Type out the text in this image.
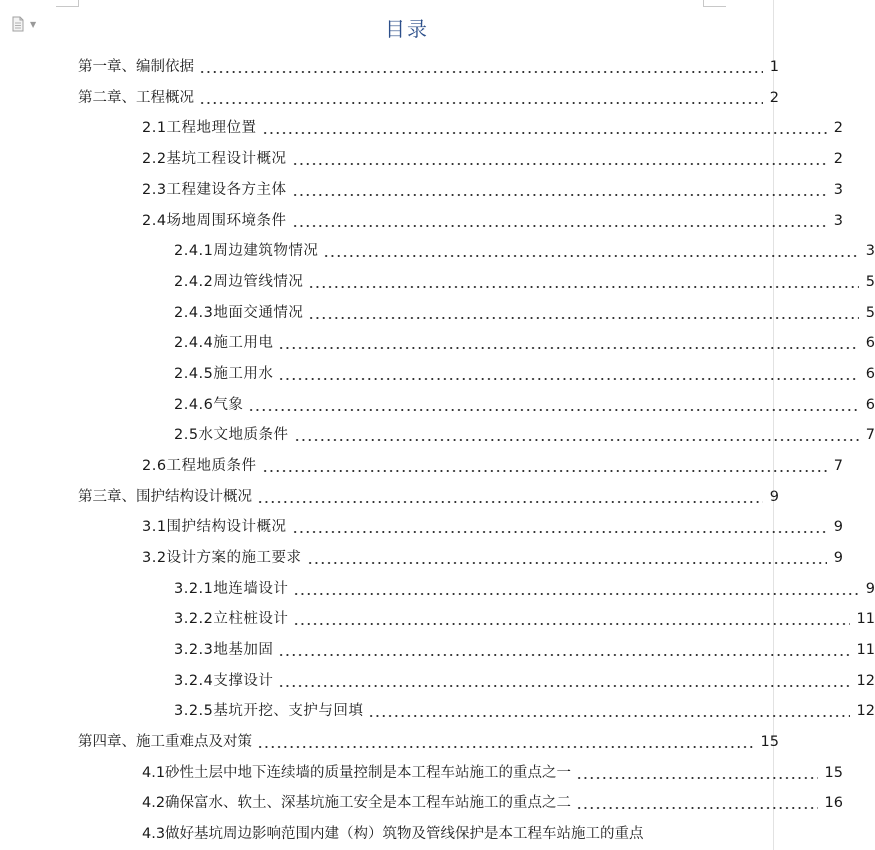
▼	目录
第一章、编制依据	1
第二章、工程概况	2
2.1工程地理位置	2
2.2基坑工程设计概况	2
2.3工程建设各方主体	3
2.4场地周围环境条件	3
2.4.1周边建筑物情况	3
2.4.2周边管线情况	5
2.4.3地面交通情况	5
2.4.4施工用电	6
2.4.5施工用水	6
2.4.6气象	6
2.5水文地质条件	7
2.6工程地质条件	7
第三章、围护结构设计概况	9
3.1围护结构设计概况	9
3.2设计方案的施工要求	9
3.2.1地连墙设计	9
3.2.2立柱桩设计	11
3.2.3地基加固	11
3.2.4支撑设计	12
3.2.5基坑开挖、支护与回填	12
第四章、施工重难点及对策	15
4.1砂性土层中地下连续墙的质量控制是本工程车站施工的重点之一	15
4.2确保富水、软土、深基坑施工安全是本工程车站施工的重点之二	16
4.3做好基坑周边影响范围内建（构）筑物及管线保护是本工程车站施工的重点
